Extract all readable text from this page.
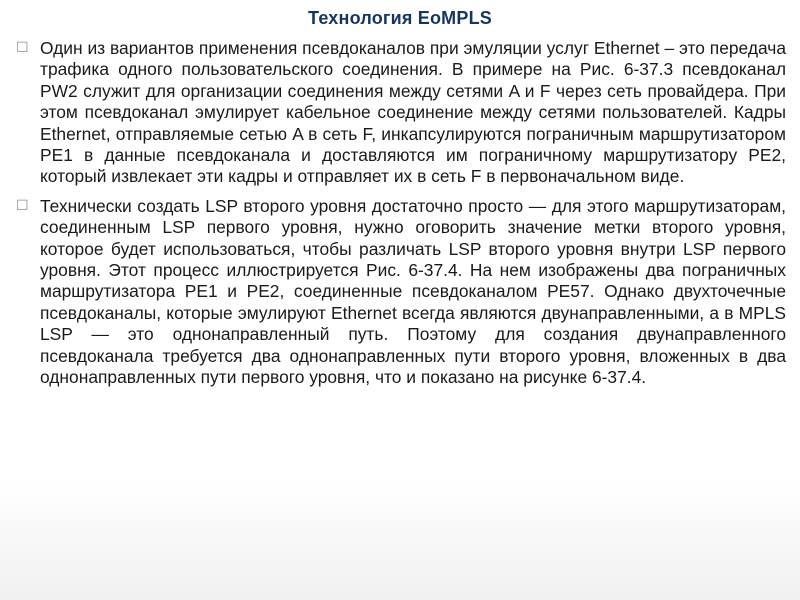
Технология EoMPLS
☐ Один из вариантов применения псевдоканалов при эмуляции услуг Ethernet – это передача трафика одного пользовательского соединения. В примере на Рис. 6-37.3 псевдоканал PW2 служит для организации соединения между сетями A и F через сеть провайдера. При этом псевдоканал эмулирует кабельное соединение между сетями пользователей. Кадры Ethernet, отправляемые сетью A в сеть F, инкапсулируются пограничным маршрутизатором PE1 в данные псевдоканала и доставляются им пограничному маршрутизатору PE2, который извлекает эти кадры и отправляет их в сеть F в первоначальном виде.
☐ Технически создать LSP второго уровня достаточно просто — для этого маршрутизаторам, соединенным LSP первого уровня, нужно оговорить значение метки второго уровня, которое будет использоваться, чтобы различать LSP второго уровня внутри LSP первого уровня. Этот процесс иллюстрируется Рис. 6-37.4. На нем изображены два пограничных маршрутизатора PE1 и PE2, соединенные псевдоканалом PE57. Однако двухточечные псевдоканалы, которые эмулируют Ethernet всегда являются двунаправленными, а в MPLS LSP — это однонаправленный путь. Поэтому для создания двунаправленного псевдоканала требуется два однонаправленных пути второго уровня, вложенных в два однонаправленных пути первого уровня, что и показано на рисунке 6-37.4.
